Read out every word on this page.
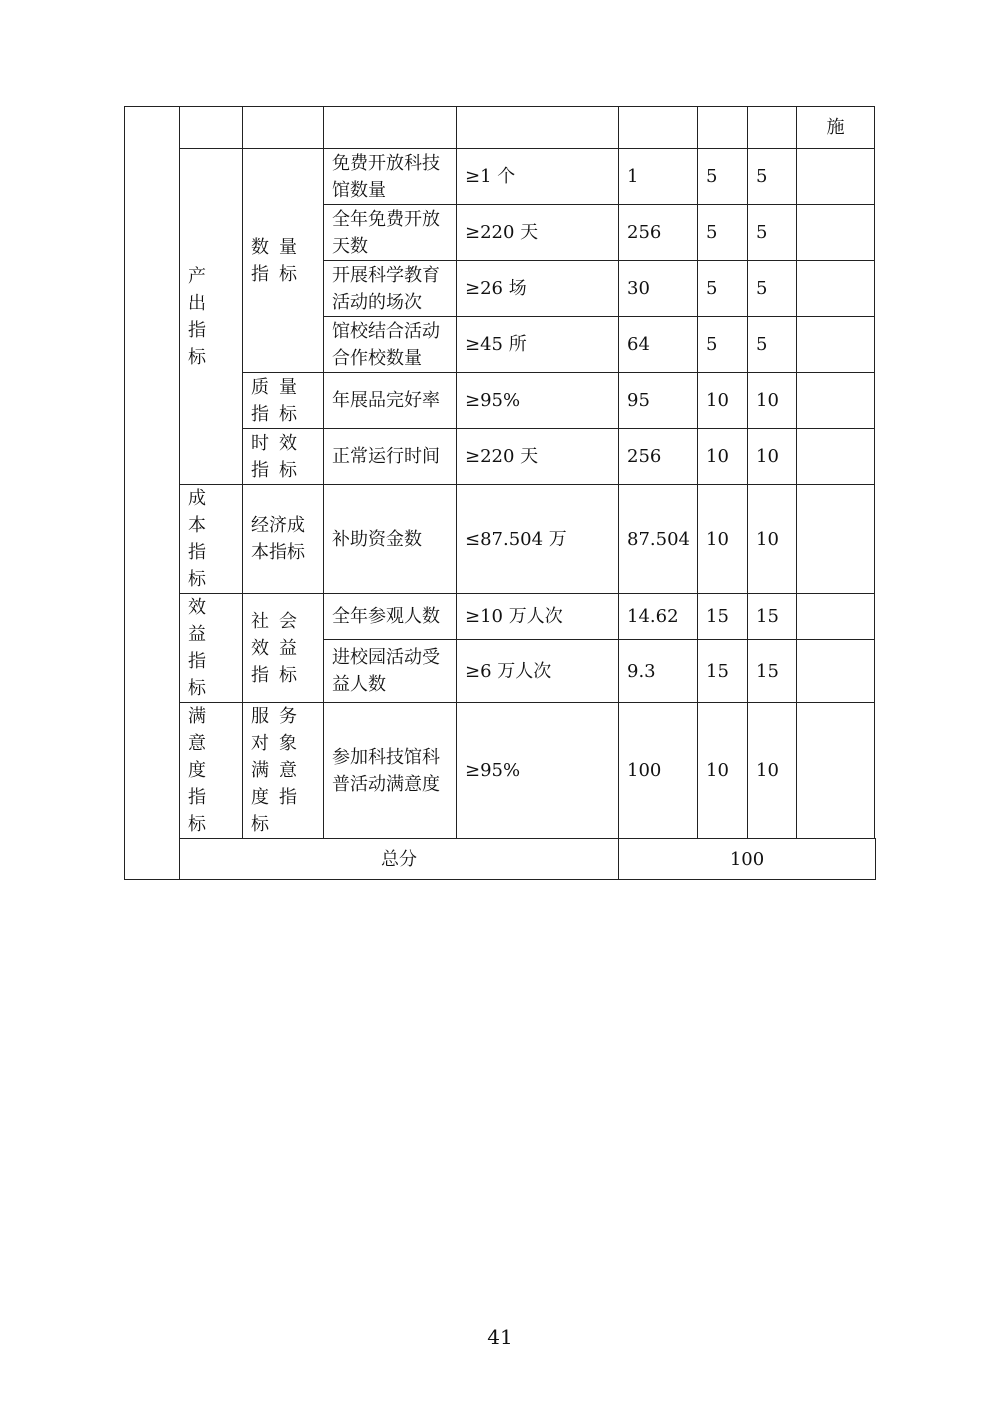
								施
	产出指标	数量指标	免费开放科技馆数量	≥1 个	1	5	5	
			全年免费开放天数	≥220 天	256	5	5	
			开展科学教育活动的场次	≥26 场	30	5	5	
			馆校结合活动合作校数量	≥45 所	64	5	5	
		质量指标	年展品完好率	≥95%	95	10	10	
		时效指标	正常运行时间	≥220 天	256	10	10	
	成本指标	经济成本指标	补助资金数	≤87.504 万	87.504	10	10	
	效益指标	社会效益指标	全年参观人数	≥10 万人次	14.62	15	15	
			进校园活动受益人数	≥6 万人次	9.3	15	15	
	满意度指标	服务对象满意度指标	参加科技馆科普活动满意度	≥95%	100	10	10	
	总分				100			
41
